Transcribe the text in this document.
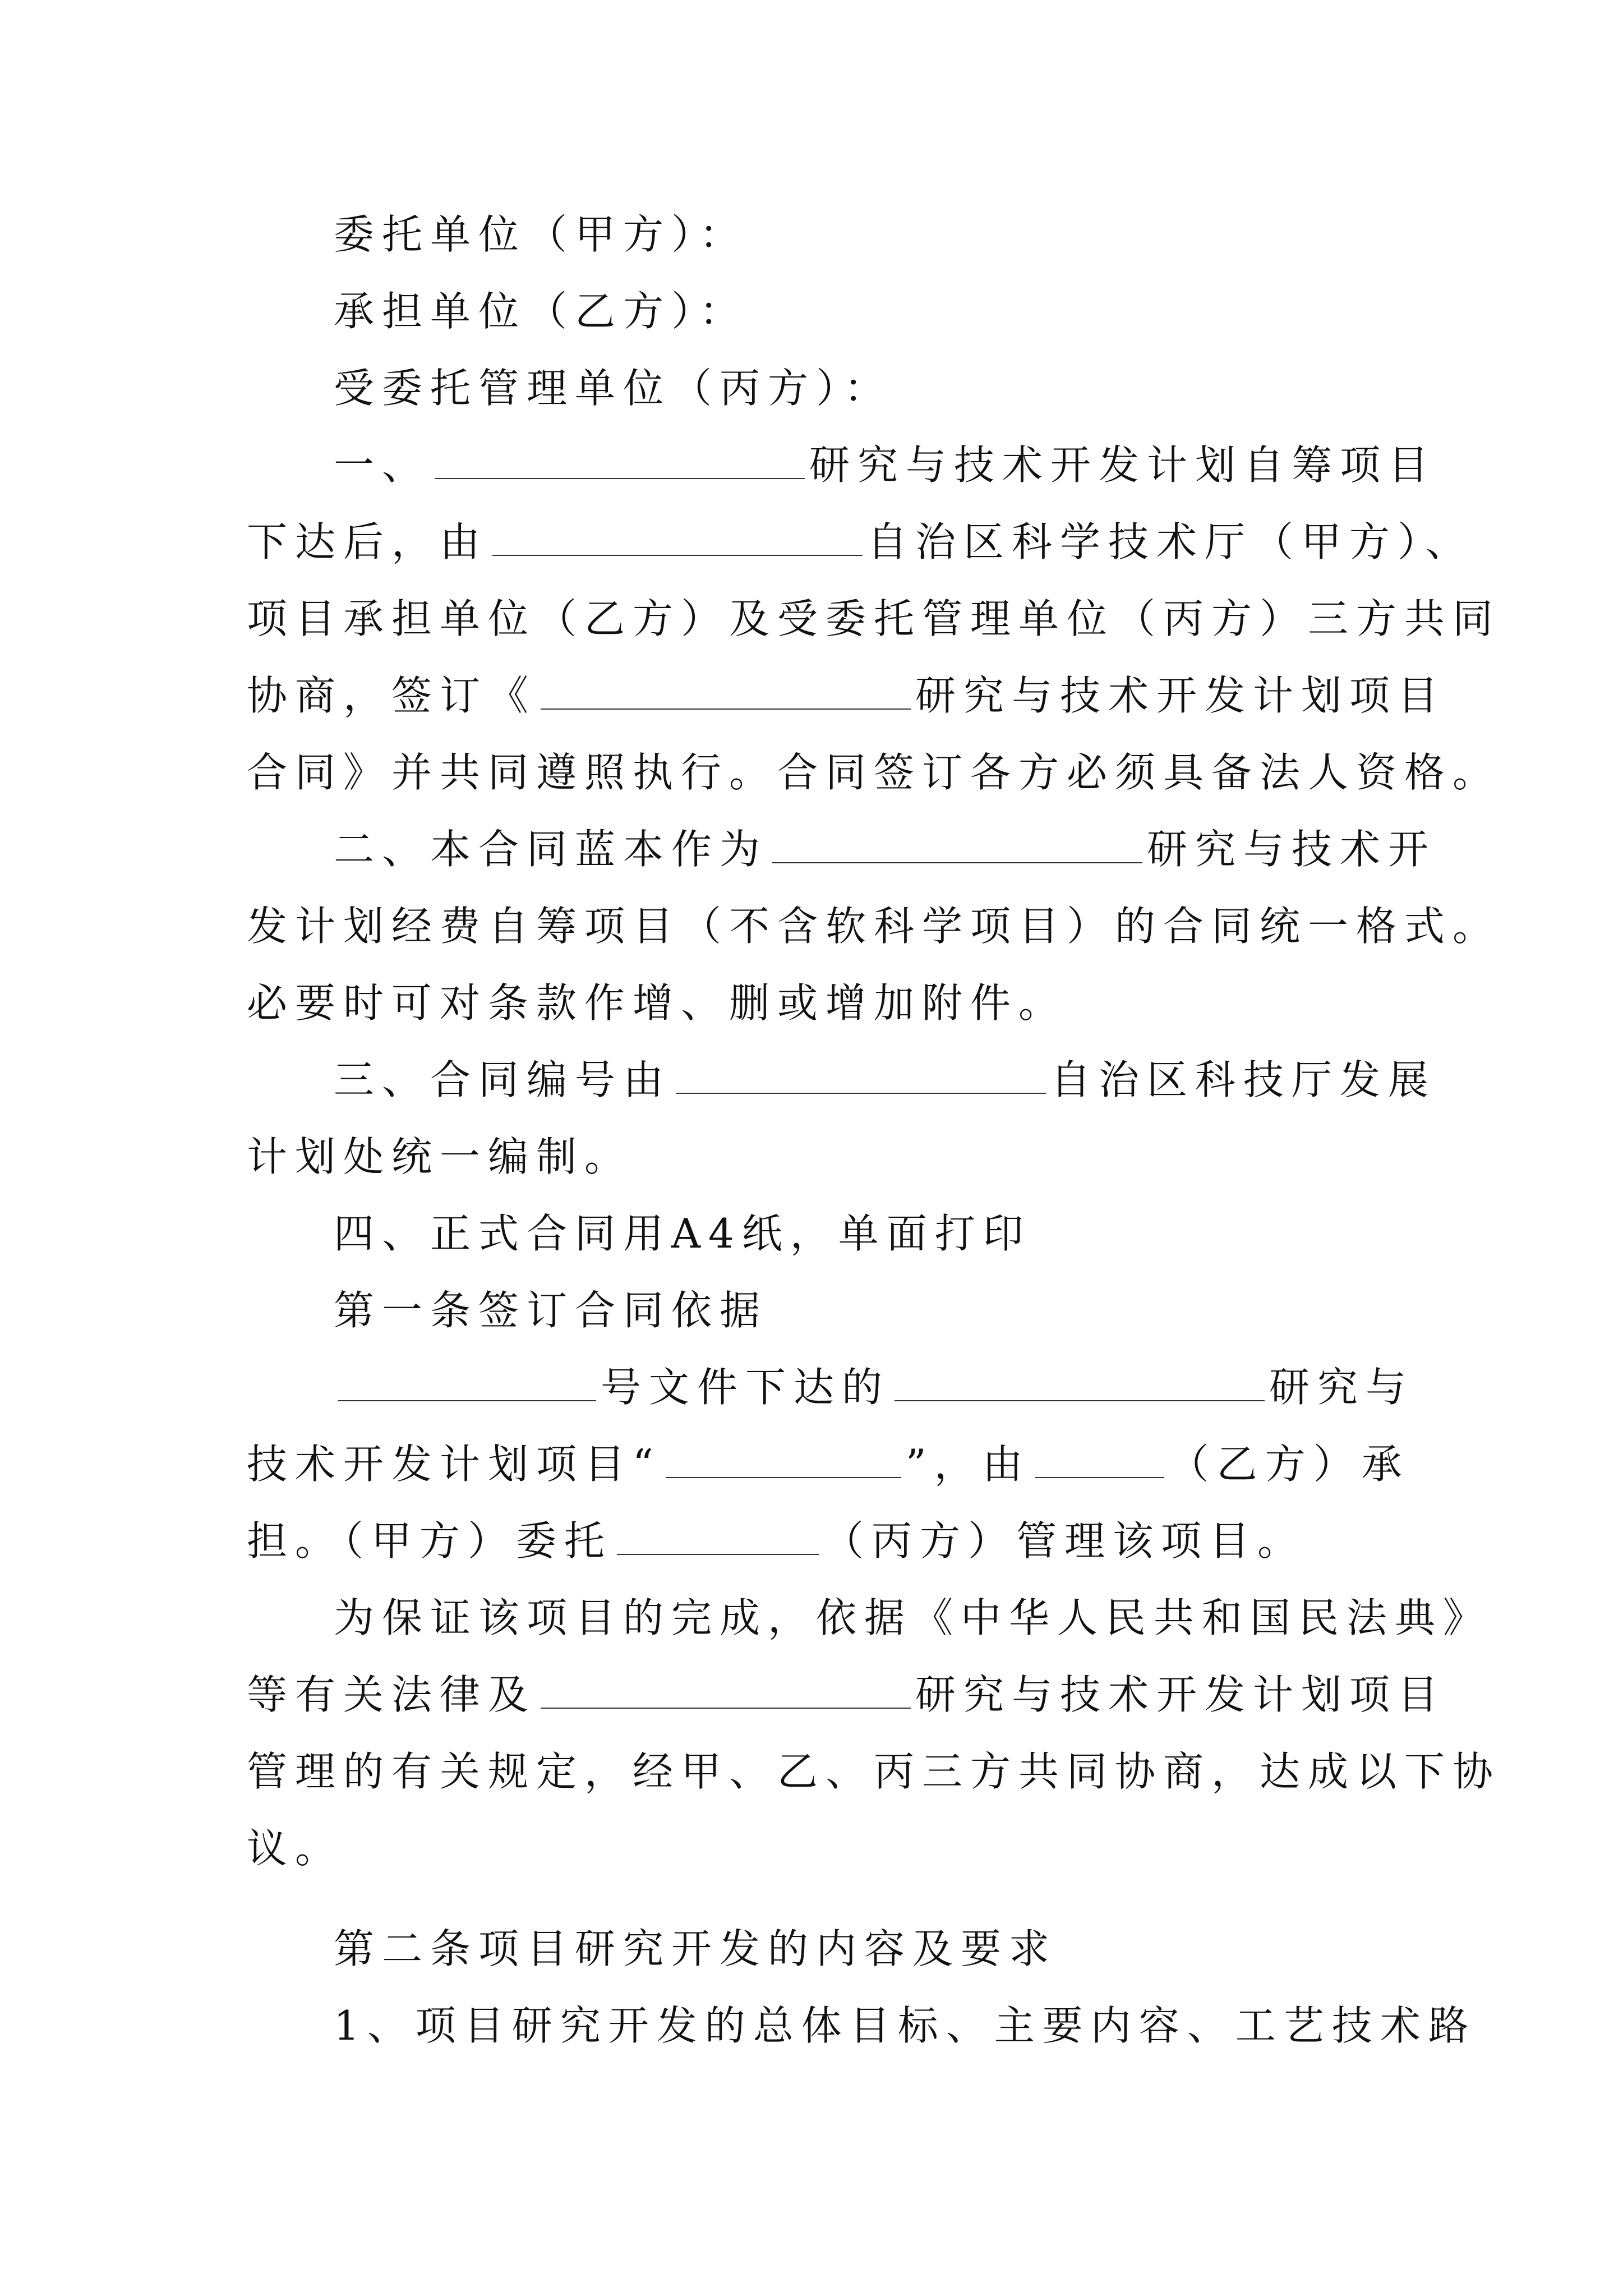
委托单位（甲方）：
承担单位（乙方）：
受委托管理单位（丙方）：
一、	研究与技术开发计划自筹项目
下达后，由	自治区科学技术厅（甲方）、
项目承担单位（乙方）及受委托管理单位（丙方）三方共同
协商，签订《	研究与技术开发计划项目
合同》并共同遵照执行。合同签订各方必须具备法人资格。
二、本合同蓝本作为	研究与技术开
发计划经费自筹项目（不含软科学项目）的合同统一格式。
必要时可对条款作增、删或增加附件。
三、合同编号由	自治区科技厅发展
计划处统一编制。
四、正式合同用A4纸，单面打印
第一条签订合同依据
号文件下达的	研究与
技术开发计划项目“	”，由	（乙方）承
担。（甲方）委托	（丙方）管理该项目。
为保证该项目的完成，依据《中华人民共和国民法典》
等有关法律及	研究与技术开发计划项目
管理的有关规定，经甲、乙、丙三方共同协商，达成以下协
议。
第二条项目研究开发的内容及要求
1、项目研究开发的总体目标、主要内容、工艺技术路
